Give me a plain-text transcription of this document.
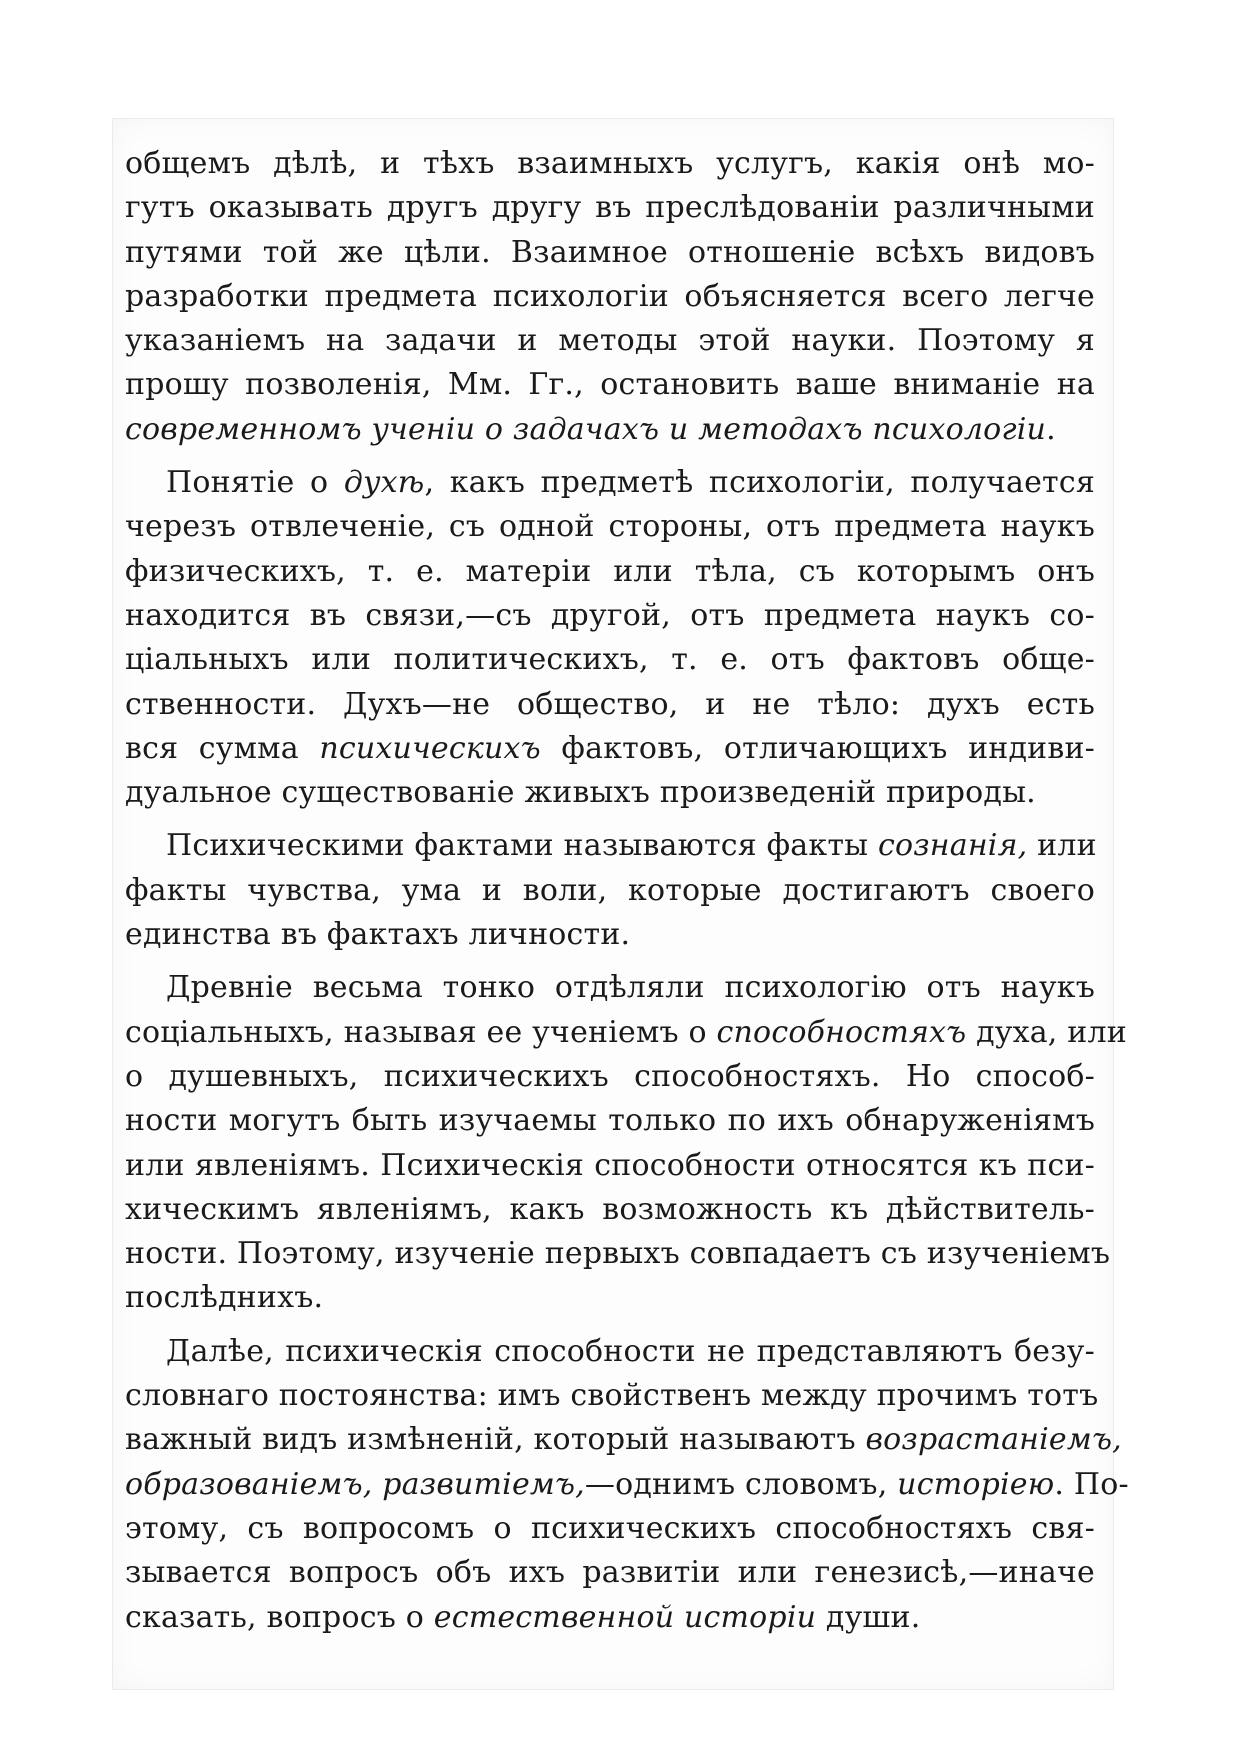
общемъ дѣлѣ, и тѣхъ взаимныхъ услугъ, какія онѣ мо-
гутъ оказывать другъ другу въ преслѣдованіи различными
путями той же цѣли. Взаимное отношеніе всѣхъ видовъ
разработки предмета психологіи объясняется всего легче
указаніемъ на задачи и методы этой науки. Поэтому я
прошу позволенія, Мм. Гг., остановить ваше вниманіе на
современномъ ученіи о задачахъ и методахъ психологіи.
Понятіе о духѣ, какъ предметѣ психологіи, получается
черезъ отвлеченіе, съ одной стороны, отъ предмета наукъ
физическихъ, т. е. матеріи или тѣла, съ которымъ онъ
находится въ связи,—съ другой, отъ предмета наукъ со-
ціальныхъ или политическихъ, т. е. отъ фактовъ обще-
ственности. Духъ—не общество, и не тѣло: духъ есть
вся сумма психическихъ фактовъ, отличающихъ индиви-
дуальное существованіе живыхъ произведеній природы.
Психическими фактами называются факты сознанія, или
факты чувства, ума и воли, которые достигаютъ своего
единства въ фактахъ личности.
Древніе весьма тонко отдѣляли психологію отъ наукъ
соціальныхъ, называя ее ученіемъ о способностяхъ духа, или
о душевныхъ, психическихъ способностяхъ. Но способ-
ности могутъ быть изучаемы только по ихъ обнаруженіямъ
или явленіямъ. Психическія способности относятся къ пси-
хическимъ явленіямъ, какъ возможность къ дѣйствитель-
ности. Поэтому, изученіе первыхъ совпадаетъ съ изученіемъ
послѣднихъ.
Далѣе, психическія способности не представляютъ безу-
словнаго постоянства: имъ свойственъ между прочимъ тотъ
важный видъ измѣненій, который называютъ возрастаніемъ,
образованіемъ, развитіемъ,—однимъ словомъ, исторіею. По-
этому, съ вопросомъ о психическихъ способностяхъ свя-
зывается вопросъ объ ихъ развитіи или генезисѣ,—иначе
сказать, вопросъ о естественной исторіи души.
